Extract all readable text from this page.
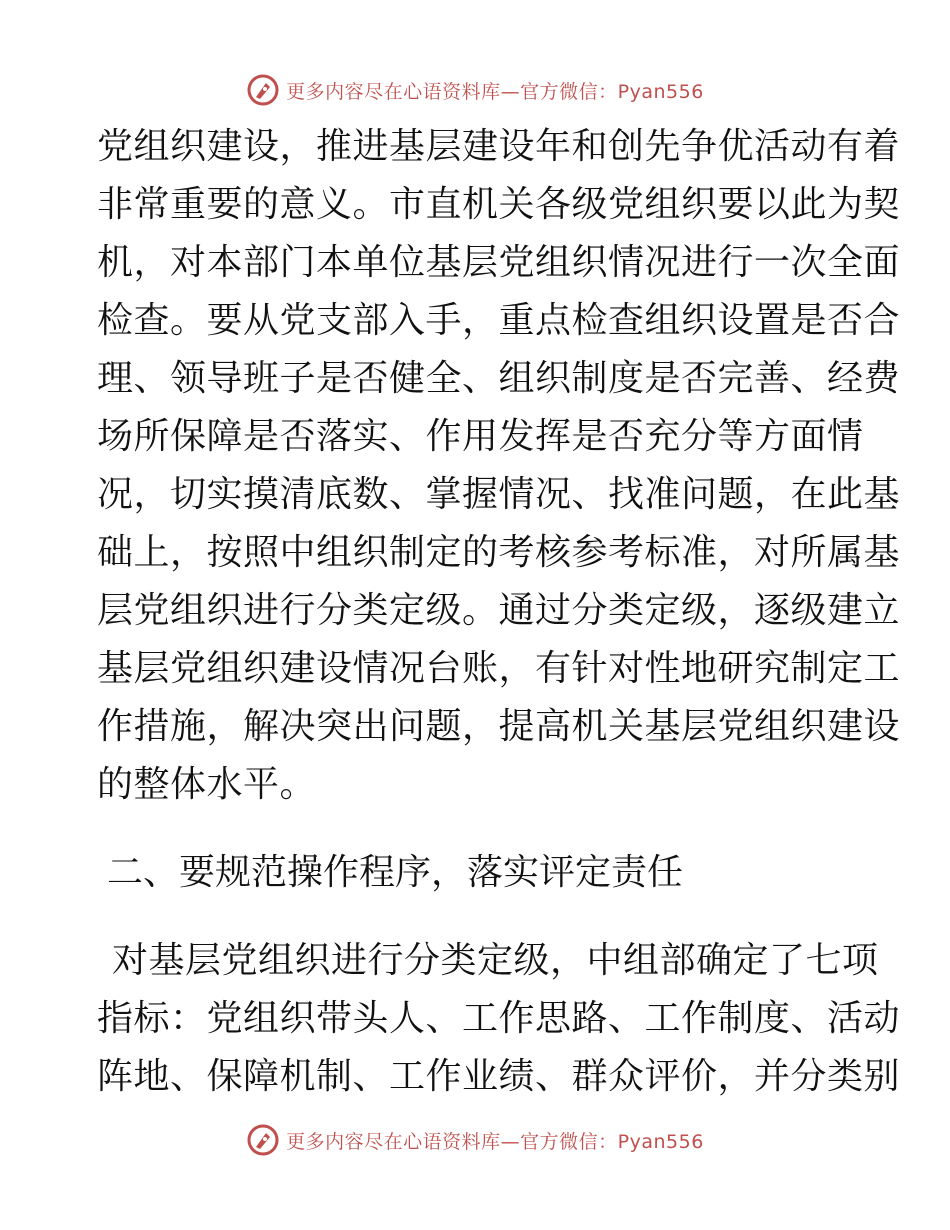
更多内容尽在心语资料库—官方微信：Pyan556
党组织建设，推进基层建设年和创先争优活动有着
非常重要的意义。市直机关各级党组织要以此为契
机，对本部门本单位基层党组织情况进行一次全面
检查。要从党支部入手，重点检查组织设置是否合
理、领导班子是否健全、组织制度是否完善、经费
场所保障是否落实、作用发挥是否充分等方面情
况，切实摸清底数、掌握情况、找准问题，在此基
础上，按照中组织制定的考核参考标准，对所属基
层党组织进行分类定级。通过分类定级，逐级建立
基层党组织建设情况台账，有针对性地研究制定工
作措施，解决突出问题，提高机关基层党组织建设
的整体水平。
二、要规范操作程序，落实评定责任
对基层党组织进行分类定级，中组部确定了七项
指标：党组织带头人、工作思路、工作制度、活动
阵地、保障机制、工作业绩、群众评价，并分类别
更多内容尽在心语资料库—官方微信：Pyan556
